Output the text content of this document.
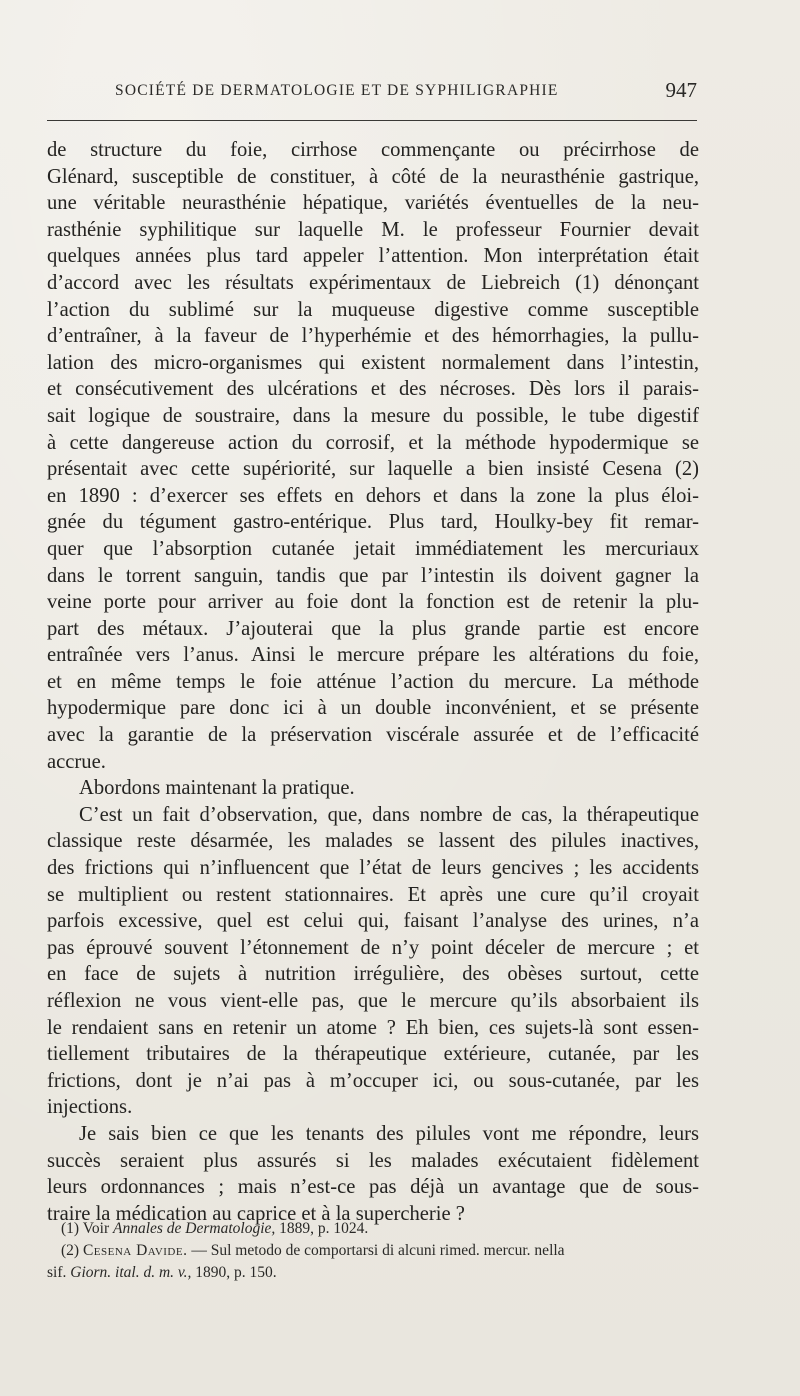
SOCIÉTÉ DE DERMATOLOGIE ET DE SYPHILIGRAPHIE	947

de structure du foie, cirrhose commençante ou précirrhose de
Glénard, susceptible de constituer, à côté de la neurasthénie gastrique,
une véritable neurasthénie hépatique, variétés éventuelles de la neu-
rasthénie syphilitique sur laquelle M. le professeur Fournier devait
quelques années plus tard appeler l’attention. Mon interprétation était
d’accord avec les résultats expérimentaux de Liebreich (1) dénonçant
l’action du sublimé sur la muqueuse digestive comme susceptible
d’entraîner, à la faveur de l’hyperhémie et des hémorrhagies, la pullu-
lation des micro-organismes qui existent normalement dans l’intestin,
et consécutivement des ulcérations et des nécroses. Dès lors il parais-
sait logique de soustraire, dans la mesure du possible, le tube digestif
à cette dangereuse action du corrosif, et la méthode hypodermique se
présentait avec cette supériorité, sur laquelle a bien insisté Cesena (2)
en 1890 : d’exercer ses effets en dehors et dans la zone la plus éloi-
gnée du tégument gastro-entérique. Plus tard, Houlky-bey fit remar-
quer que l’absorption cutanée jetait immédiatement les mercuriaux
dans le torrent sanguin, tandis que par l’intestin ils doivent gagner la
veine porte pour arriver au foie dont la fonction est de retenir la plu-
part des métaux. J’ajouterai que la plus grande partie est encore
entraînée vers l’anus. Ainsi le mercure prépare les altérations du foie,
et en même temps le foie atténue l’action du mercure. La méthode
hypodermique pare donc ici à un double inconvénient, et se présente
avec la garantie de la préservation viscérale assurée et de l’efficacité
accrue.

Abordons maintenant la pratique.

C’est un fait d’observation, que, dans nombre de cas, la thérapeutique
classique reste désarmée, les malades se lassent des pilules inactives,
des frictions qui n’influencent que l’état de leurs gencives ; les accidents
se multiplient ou restent stationnaires. Et après une cure qu’il croyait
parfois excessive, quel est celui qui, faisant l’analyse des urines, n’a
pas éprouvé souvent l’étonnement de n’y point déceler de mercure ; et
en face de sujets à nutrition irrégulière, des obèses surtout, cette
réflexion ne vous vient-elle pas, que le mercure qu’ils absorbaient ils
le rendaient sans en retenir un atome ? Eh bien, ces sujets-là sont essen-
tiellement tributaires de la thérapeutique extérieure, cutanée, par les
frictions, dont je n’ai pas à m’occuper ici, ou sous-cutanée, par les
injections.

Je sais bien ce que les tenants des pilules vont me répondre, leurs
succès seraient plus assurés si les malades exécutaient fidèlement
leurs ordonnances ; mais n’est-ce pas déjà un avantage que de sous-
traire la médication au caprice et à la supercherie ?

(1) Voir Annales de Dermatologie, 1889, p. 1024.
(2) Cesena Davide. — Sul metodo de comportarsi di alcuni rimed. mercur. nella
sif. Giorn. ital. d. m. v., 1890, p. 150.
